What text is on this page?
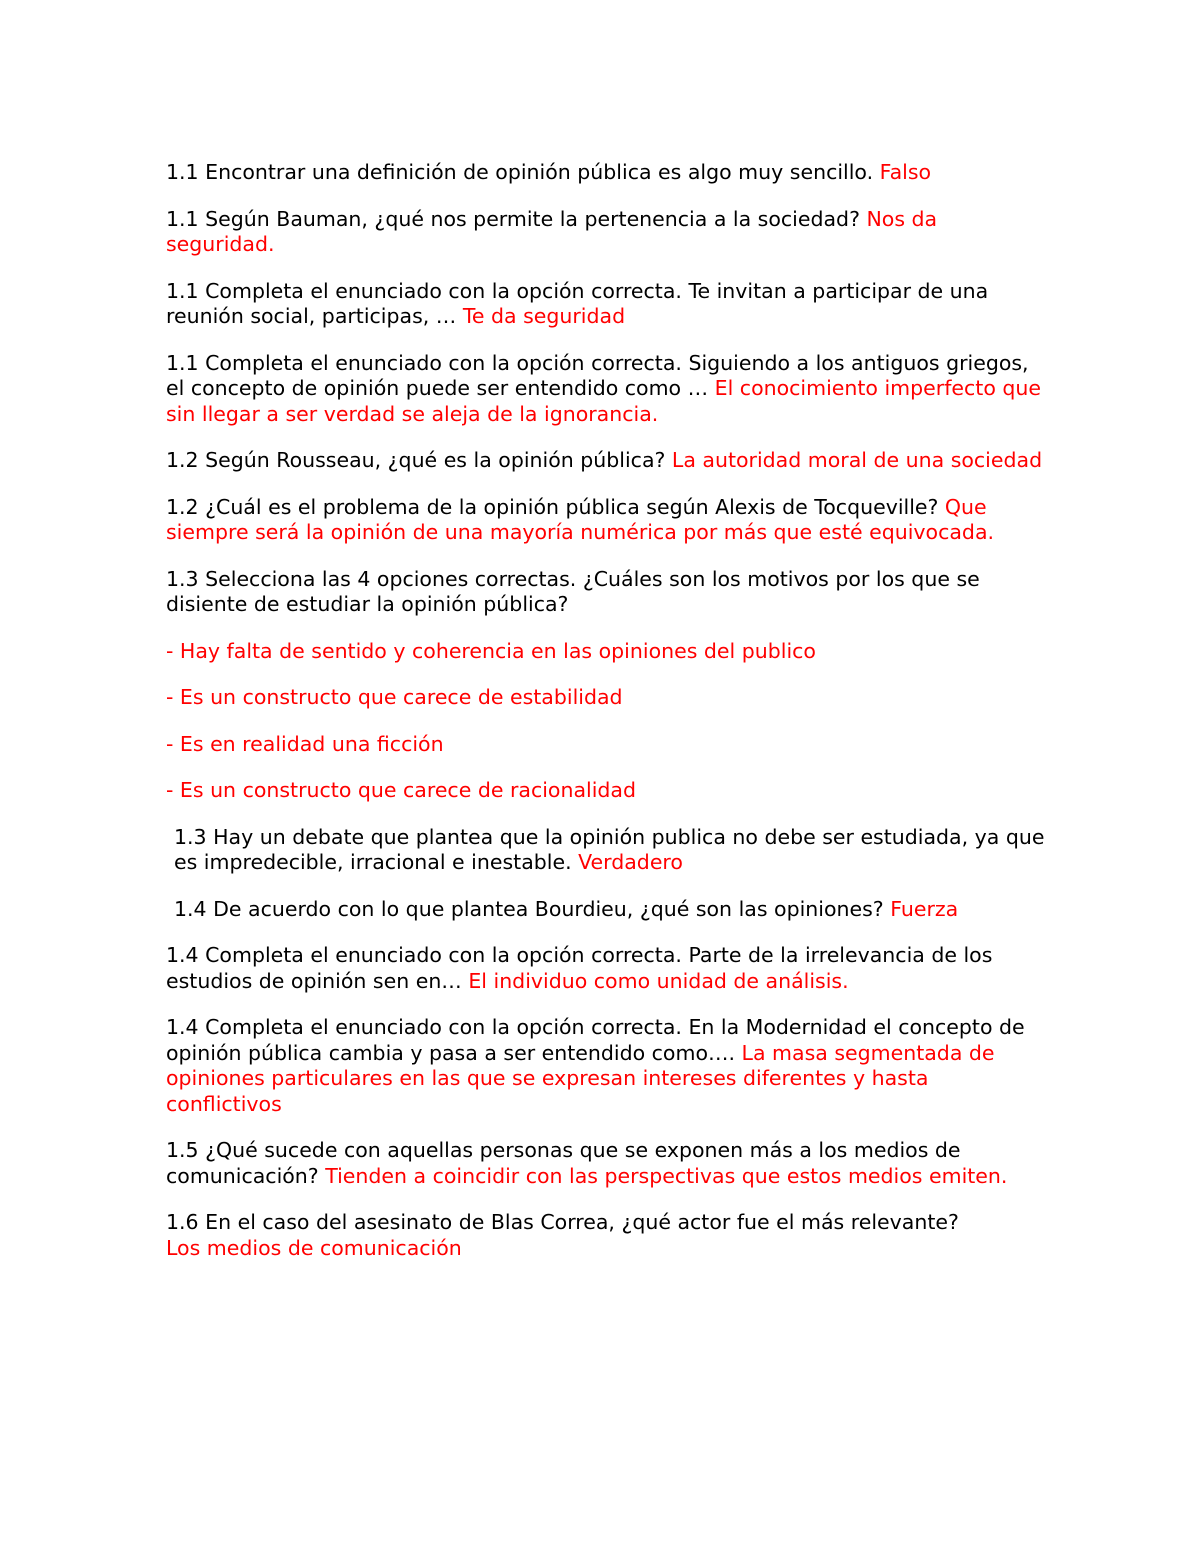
1.1 Encontrar una definición de opinión pública es algo muy sencillo. Falso

1.1 Según Bauman, ¿qué nos permite la pertenencia a la sociedad? Nos da seguridad.

1.1 Completa el enunciado con la opción correcta. Te invitan a participar de una reunión social, participas, … Te da seguridad

1.1 Completa el enunciado con la opción correcta. Siguiendo a los antiguos griegos, el concepto de opinión puede ser entendido como … El conocimiento imperfecto que sin llegar a ser verdad se aleja de la ignorancia.

1.2 Según Rousseau, ¿qué es la opinión pública? La autoridad moral de una sociedad

1.2 ¿Cuál es el problema de la opinión pública según Alexis de Tocqueville? Que siempre será la opinión de una mayoría numérica por más que esté equivocada.

1.3 Selecciona las 4 opciones correctas. ¿Cuáles son los motivos por los que se disiente de estudiar la opinión pública?

- Hay falta de sentido y coherencia en las opiniones del publico

- Es un constructo que carece de estabilidad

- Es en realidad una ficción

- Es un constructo que carece de racionalidad

1.3 Hay un debate que plantea que la opinión publica no debe ser estudiada, ya que es impredecible, irracional e inestable. Verdadero

1.4 De acuerdo con lo que plantea Bourdieu, ¿qué son las opiniones? Fuerza

1.4 Completa el enunciado con la opción correcta. Parte de la irrelevancia de los estudios de opinión sen en… El individuo como unidad de análisis.

1.4 Completa el enunciado con la opción correcta. En la Modernidad el concepto de opinión pública cambia y pasa a ser entendido como…. La masa segmentada de opiniones particulares en las que se expresan intereses diferentes y hasta conflictivos

1.5 ¿Qué sucede con aquellas personas que se exponen más a los medios de comunicación? Tienden a coincidir con las perspectivas que estos medios emiten.

1.6 En el caso del asesinato de Blas Correa, ¿qué actor fue el más relevante?
Los medios de comunicación
